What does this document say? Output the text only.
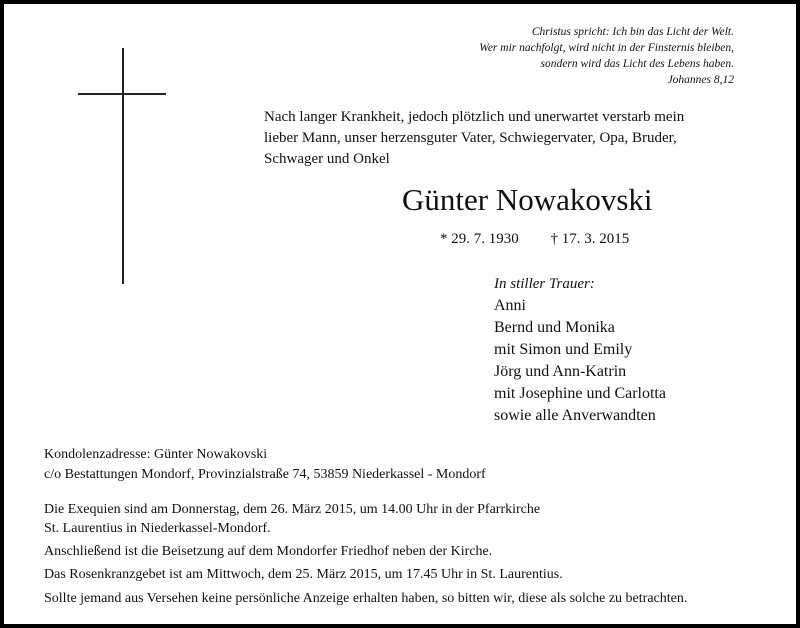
Christus spricht: Ich bin das Licht der Welt.
Wer mir nachfolgt, wird nicht in der Finsternis bleiben,
sondern wird das Licht des Lebens haben.
Johannes 8,12
Nach langer Krankheit, jedoch plötzlich und unerwartet verstarb mein
lieber Mann, unser herzensguter Vater, Schwiegervater, Opa, Bruder,
Schwager und Onkel
Günter Nowakovski
* 29. 7. 1930 † 17. 3. 2015
In stiller Trauer:
Anni
Bernd und Monika
mit Simon und Emily
Jörg und Ann-Katrin
mit Josephine und Carlotta
sowie alle Anverwandten
Kondolenzadresse: Günter Nowakovski
c/o Bestattungen Mondorf, Provinzialstraße 74, 53859 Niederkassel - Mondorf
Die Exequien sind am Donnerstag, dem 26. März 2015, um 14.00 Uhr in der Pfarrkirche
St. Laurentius in Niederkassel-Mondorf.
Anschließend ist die Beisetzung auf dem Mondorfer Friedhof neben der Kirche.
Das Rosenkranzgebet ist am Mittwoch, dem 25. März 2015, um 17.45 Uhr in St. Laurentius.
Sollte jemand aus Versehen keine persönliche Anzeige erhalten haben, so bitten wir, diese als solche zu betrachten.
